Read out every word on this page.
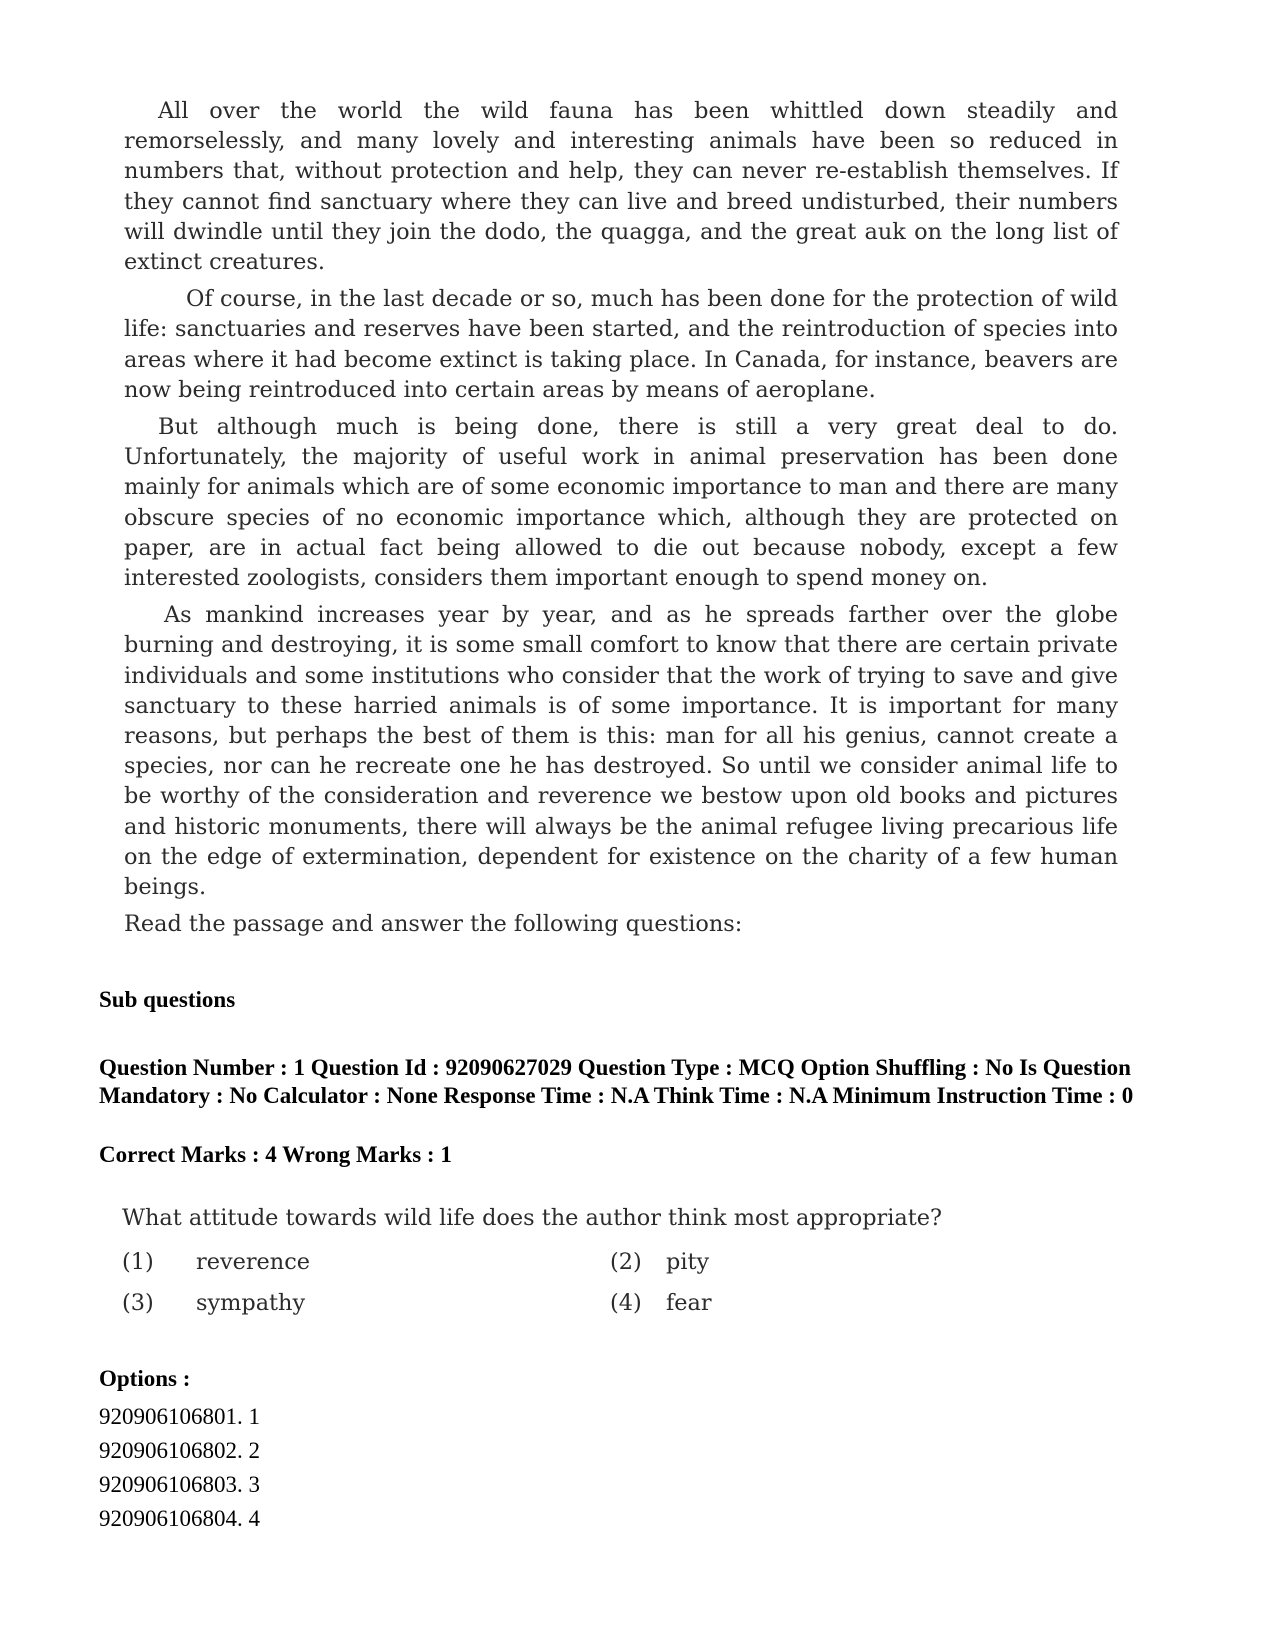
All over the world the wild fauna has been whittled down steadily and remorselessly, and many lovely and interesting animals have been so reduced in numbers that, without protection and help, they can never re-establish themselves. If they cannot find sanctuary where they can live and breed undisturbed, their numbers will dwindle until they join the dodo, the quagga, and the great auk on the long list of extinct creatures.

Of course, in the last decade or so, much has been done for the protection of wild life: sanctuaries and reserves have been started, and the reintroduction of species into areas where it had become extinct is taking place. In Canada, for instance, beavers are now being reintroduced into certain areas by means of aeroplane.

But although much is being done, there is still a very great deal to do. Unfortunately, the majority of useful work in animal preservation has been done mainly for animals which are of some economic importance to man and there are many obscure species of no economic importance which, although they are protected on paper, are in actual fact being allowed to die out because nobody, except a few interested zoologists, considers them important enough to spend money on.

As mankind increases year by year, and as he spreads farther over the globe burning and destroying, it is some small comfort to know that there are certain private individuals and some institutions who consider that the work of trying to save and give sanctuary to these harried animals is of some importance. It is important for many reasons, but perhaps the best of them is this: man for all his genius, cannot create a species, nor can he recreate one he has destroyed. So until we consider animal life to be worthy of the consideration and reverence we bestow upon old books and pictures and historic monuments, there will always be the animal refugee living precarious life on the edge of extermination, dependent for existence on the charity of a few human beings.

Read the passage and answer the following questions:

Sub questions
Question Number : 1 Question Id : 92090627029 Question Type : MCQ Option Shuffling : No Is Question Mandatory : No Calculator : None Response Time : N.A Think Time : N.A Minimum Instruction Time : 0
Correct Marks : 4 Wrong Marks : 1

What attitude towards wild life does the author think most appropriate?

(1)	reverence	(2)	pity
(3)	sympathy	(4)	fear
Options :
920906106801. 1
920906106802. 2
920906106803. 3
920906106804. 4
